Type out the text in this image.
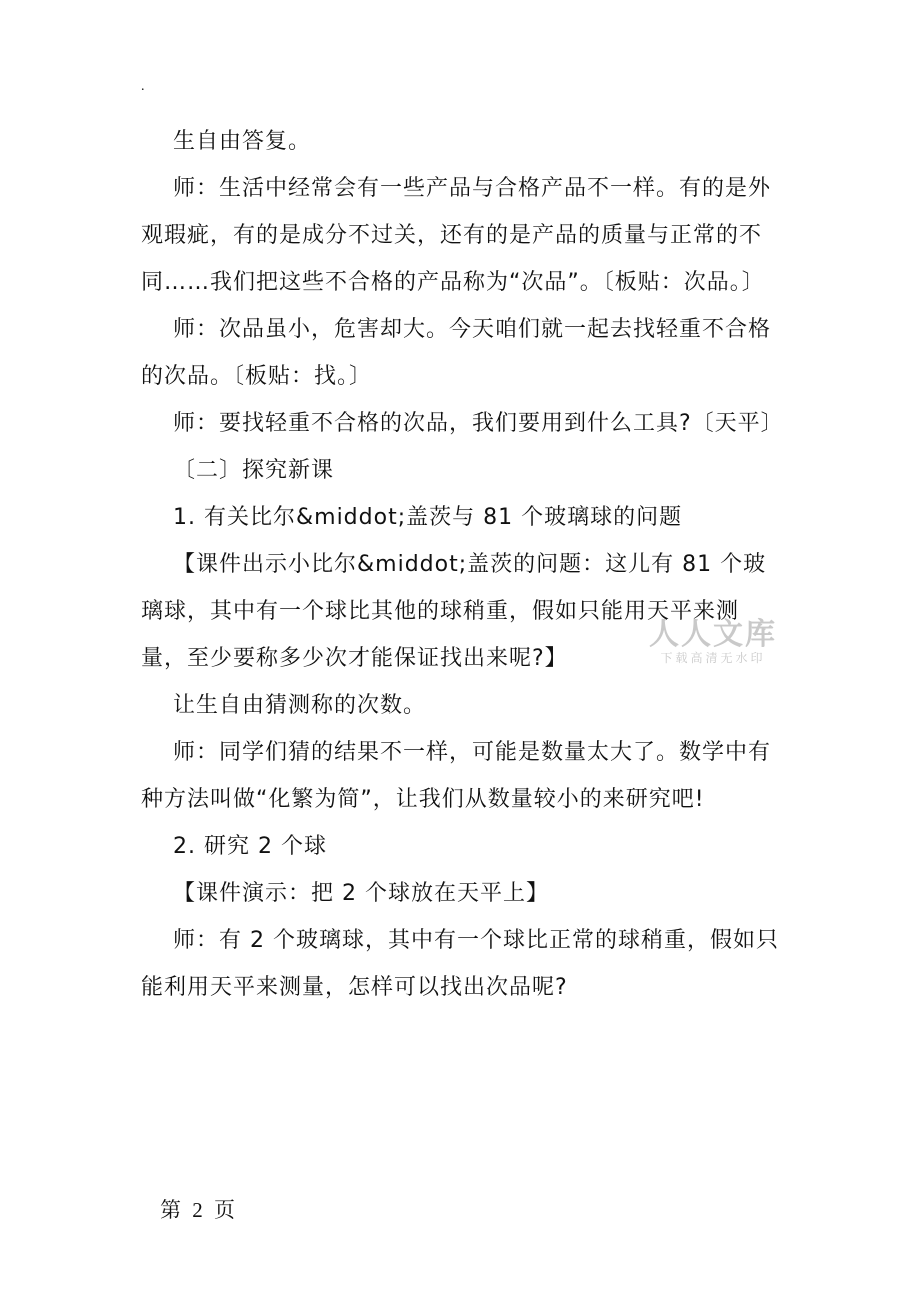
.

生自由答复。

师：生活中经常会有一些产品与合格产品不一样。有的是外观瑕疵，有的是成分不过关，还有的是产品的质量与正常的不同……我们把这些不合格的产品称为“次品”。〔板贴：次品。〕

师：次品虽小，危害却大。今天咱们就一起去找轻重不合格的次品。〔板贴：找。〕

师：要找轻重不合格的次品，我们要用到什么工具?〔天平〕

〔二〕探究新课

1. 有关比尔&middot;盖茨与 81 个玻璃球的问题

【课件出示小比尔&middot;盖茨的问题：这儿有 81 个玻璃球，其中有一个球比其他的球稍重，假如只能用天平来测量，至少要称多少次才能保证找出来呢?】

让生自由猜测称的次数。

师：同学们猜的结果不一样，可能是数量太大了。数学中有种方法叫做“化繁为简”，让我们从数量较小的来研究吧!

2. 研究 2 个球

【课件演示：把 2 个球放在天平上】

师：有 2 个玻璃球，其中有一个球比正常的球稍重，假如只能利用天平来测量，怎样可以找出次品呢?

人人文库
下载高清无水印
第 2 页
